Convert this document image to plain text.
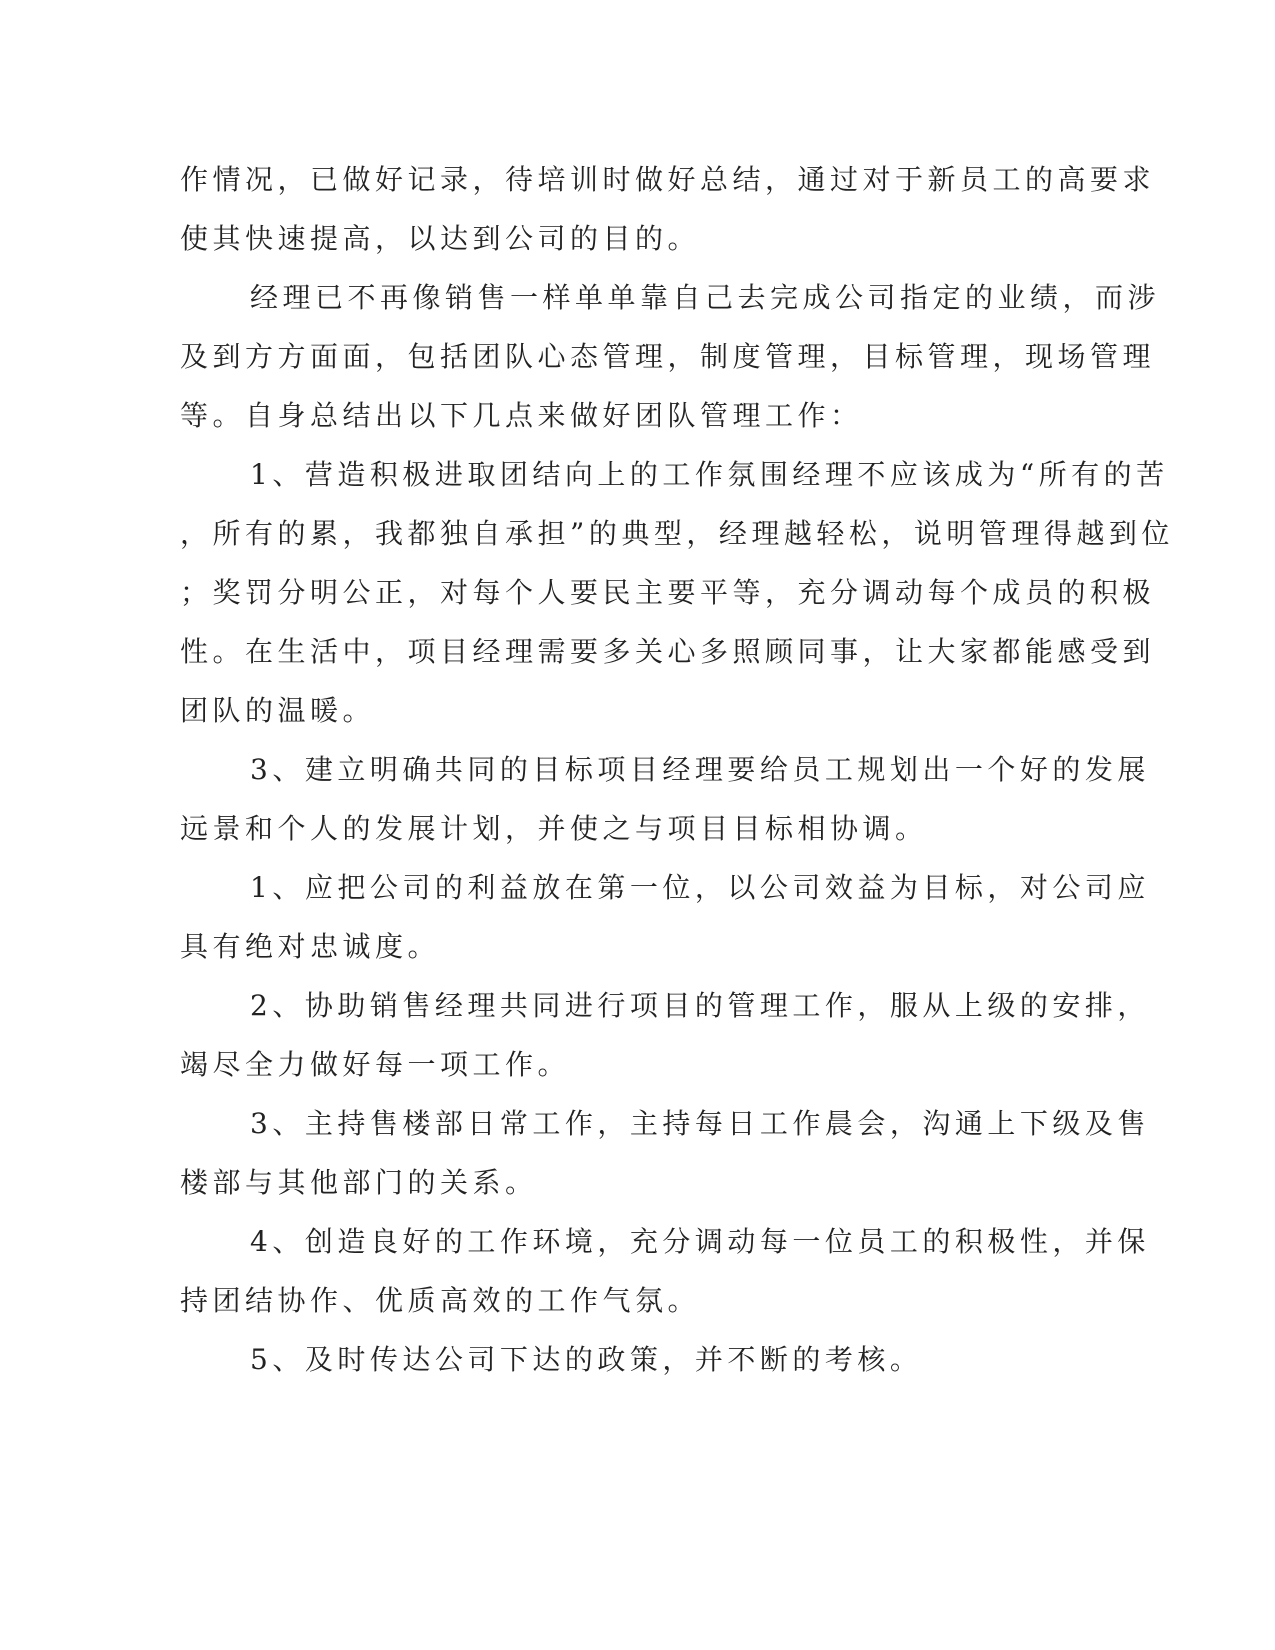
作情况，已做好记录，待培训时做好总结，通过对于新员工的高要求

使其快速提高，以达到公司的目的。

经理已不再像销售一样单单靠自己去完成公司指定的业绩，而涉

及到方方面面，包括团队心态管理，制度管理，目标管理，现场管理

等。自身总结出以下几点来做好团队管理工作：

1、营造积极进取团结向上的工作氛围经理不应该成为“所有的苦

，所有的累，我都独自承担”的典型，经理越轻松，说明管理得越到位

；奖罚分明公正，对每个人要民主要平等，充分调动每个成员的积极

性。在生活中，项目经理需要多关心多照顾同事，让大家都能感受到

团队的温暖。

3、建立明确共同的目标项目经理要给员工规划出一个好的发展

远景和个人的发展计划，并使之与项目目标相协调。

1、应把公司的利益放在第一位，以公司效益为目标，对公司应

具有绝对忠诚度。

2、协助销售经理共同进行项目的管理工作，服从上级的安排，

竭尽全力做好每一项工作。

3、主持售楼部日常工作，主持每日工作晨会，沟通上下级及售

楼部与其他部门的关系。

4、创造良好的工作环境，充分调动每一位员工的积极性，并保

持团结协作、优质高效的工作气氛。

5、及时传达公司下达的政策，并不断的考核。
